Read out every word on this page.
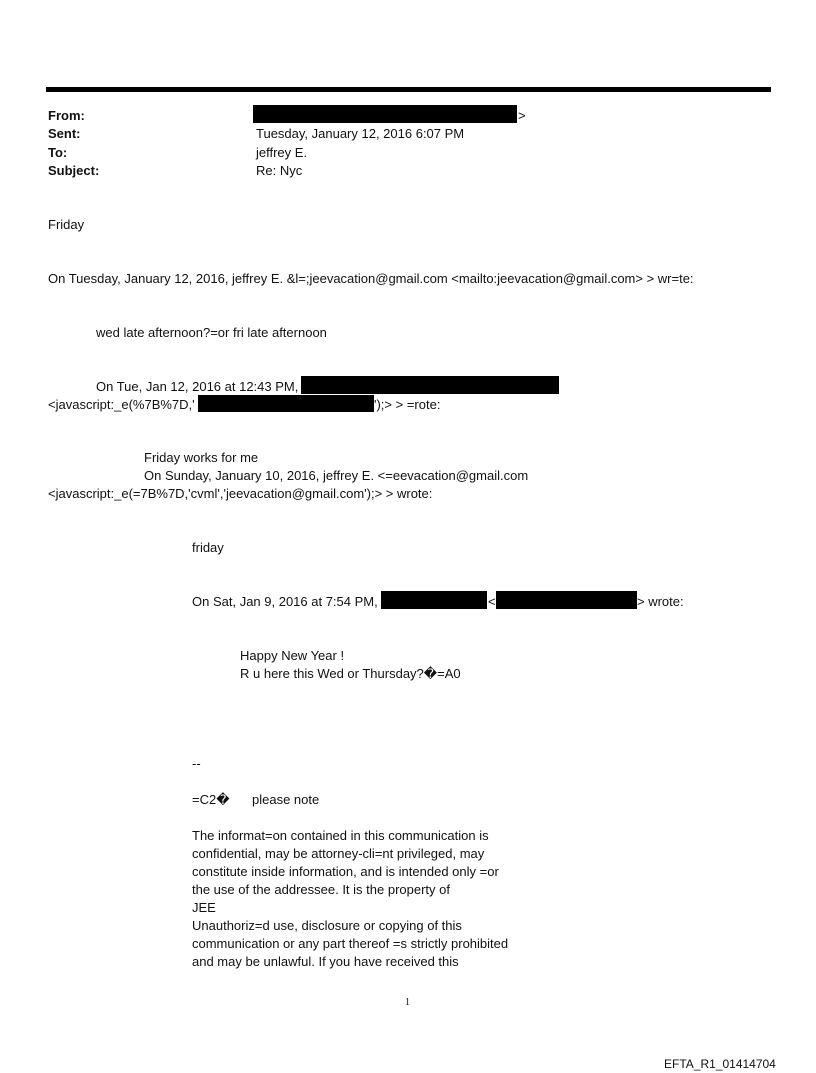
From:	>
Sent:	Tuesday, January 12, 2016 6:07 PM
To:	jeffrey E.
Subject:	Re: Nyc
Friday
On Tuesday, January 12, 2016, jeffrey E. &l=;jeevacation@gmail.com <mailto:jeevacation@gmail.com> > wr=te:
wed late afternoon?=or fri late afternoon
On Tue, Jan 12, 2016 at 12:43 PM,
<javascript:_e(%7B%7D,'	');> > =rote:
Friday works for me
On Sunday, January 10, 2016, jeffrey E. <=eevacation@gmail.com
<javascript:_e(=7B%7D,'cvml','jeevacation@gmail.com');> > wrote:
friday
On Sat, Jan 9, 2016 at 7:54 PM,	<	> wrote:
Happy New Year !
R u here this Wed or Thursday?�=A0
--
=C2� please note
The informat=on contained in this communication is
confidential, may be attorney-cli=nt privileged, may
constitute inside information, and is intended only =or
the use of the addressee. It is the property of
JEE
Unauthoriz=d use, disclosure or copying of this
communication or any part thereof =s strictly prohibited
and may be unlawful. If you have received this
1
EFTA_R1_01414704
